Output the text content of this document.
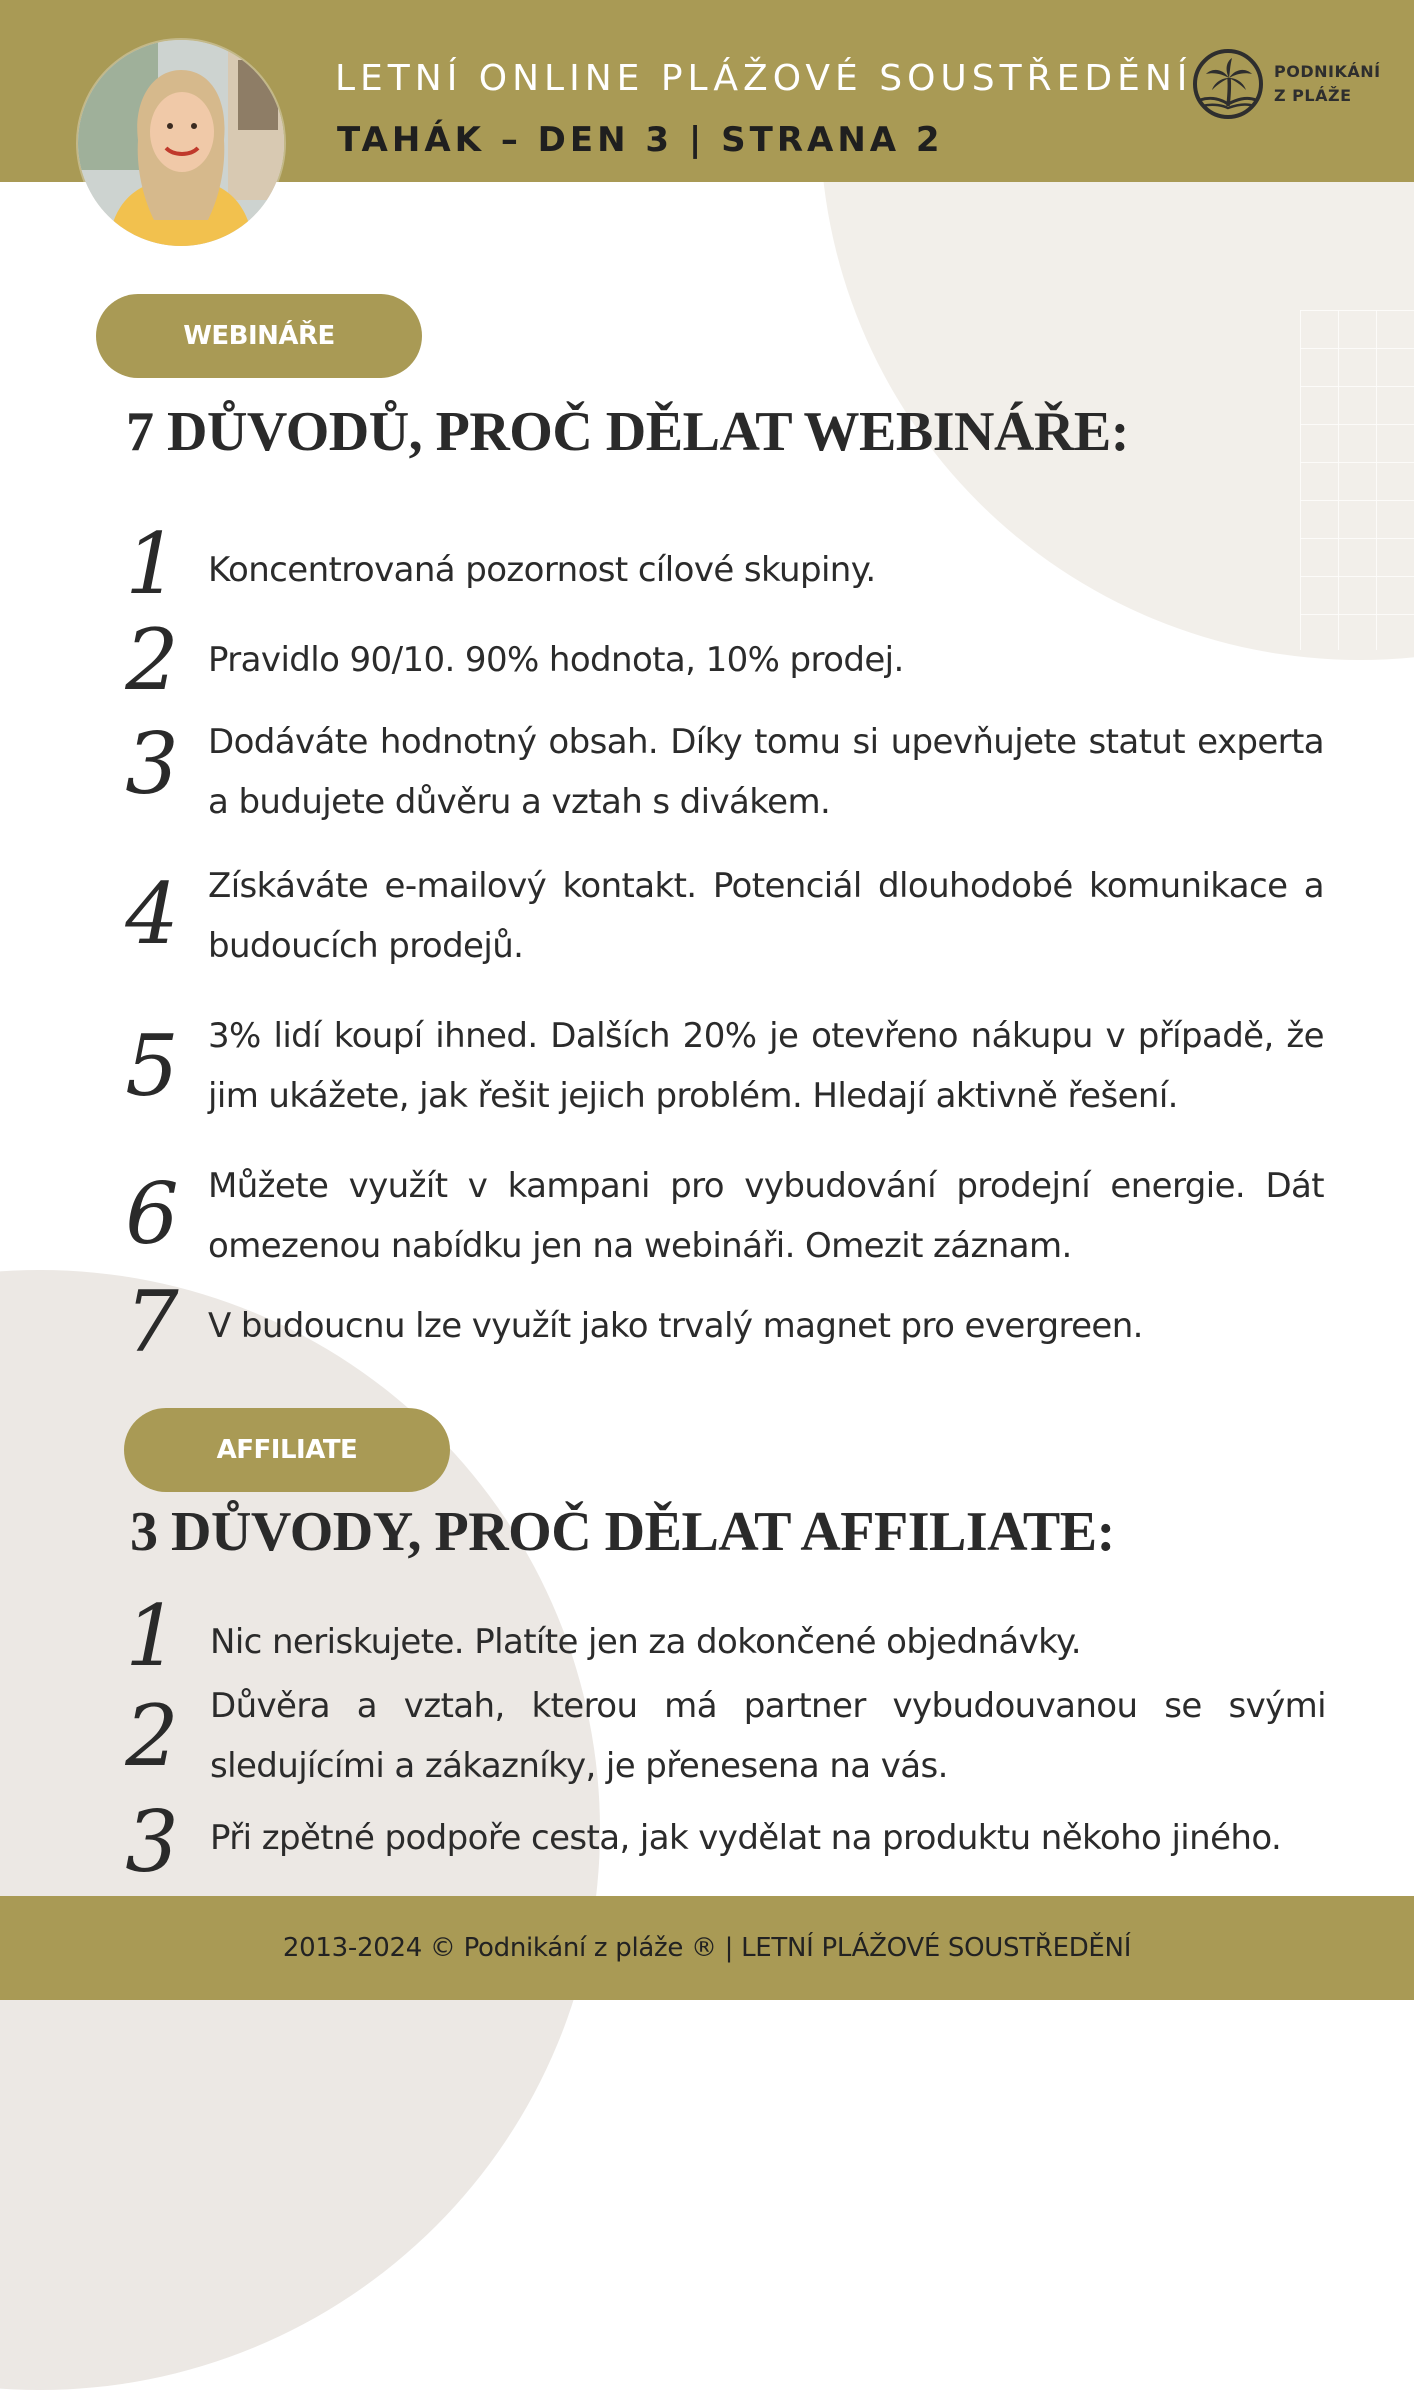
LETNÍ ONLINE PLÁŽOVÉ SOUSTŘEDĚNÍ
TAHÁK – DEN 3 | STRANA 2
PODNIKÁNÍ
Z PLÁŽE
WEBINÁŘE
7 DŮVODŮ, PROČ DĚLAT WEBINÁŘE:
1 Koncentrovaná pozornost cílové skupiny.
2 Pravidlo 90/10. 90% hodnota, 10% prodej.
3 Dodáváte hodnotný obsah. Díky tomu si upevňujete statut experta a budujete důvěru a vztah s divákem.
4 Získáváte e-mailový kontakt. Potenciál dlouhodobé komunikace a budoucích prodejů.
5 3% lidí koupí ihned. Dalších 20% je otevřeno nákupu v případě, že jim ukážete, jak řešit jejich problém. Hledají aktivně řešení.
6 Můžete využít v kampani pro vybudování prodejní energie. Dát omezenou nabídku jen na webináři. Omezit záznam.
7 V budoucnu lze využít jako trvalý magnet pro evergreen.
AFFILIATE
3 DŮVODY, PROČ DĚLAT AFFILIATE:
1 Nic neriskujete. Platíte jen za dokončené objednávky.
2 Důvěra a vztah, kterou má partner vybudouvanou se svými sledujícími a zákazníky, je přenesena na vás.
3 Při zpětné podpoře cesta, jak vydělat na produktu někoho jiného.
2013-2024 © Podnikání z pláže ® | LETNÍ PLÁŽOVÉ SOUSTŘEDĚNÍ
